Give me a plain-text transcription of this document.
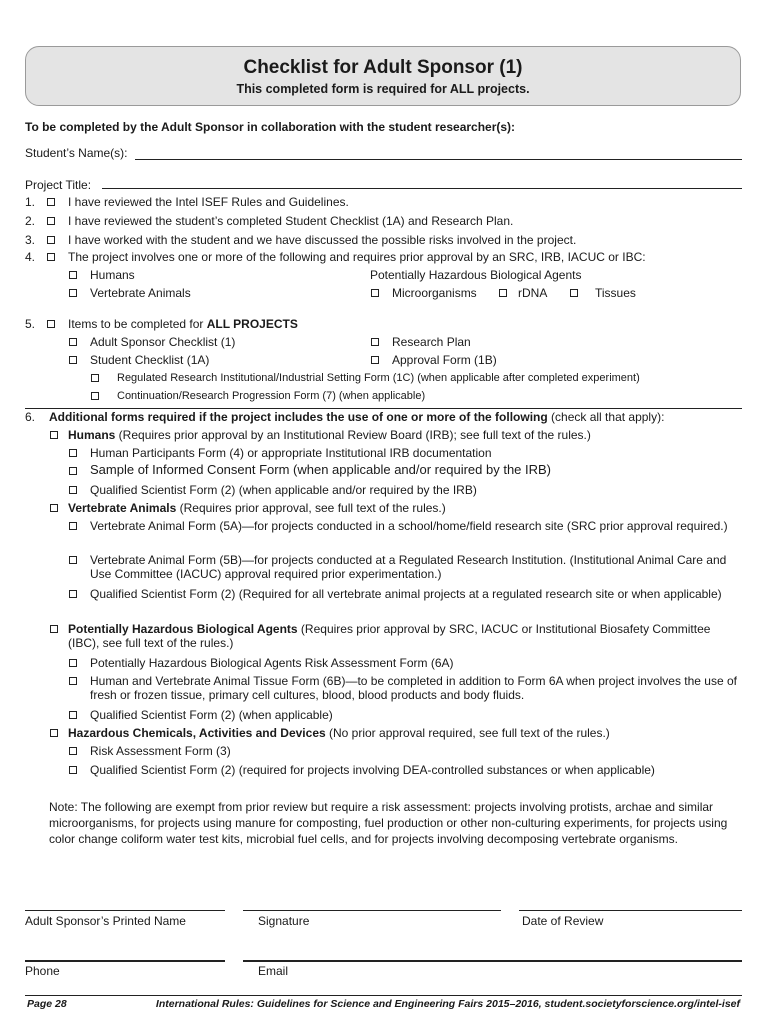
Checklist for Adult Sponsor (1)
This completed form is required for ALL projects.
To be completed by the Adult Sponsor in collaboration with the student researcher(s):
Student’s Name(s):
Project Title:
1.	I have reviewed the Intel ISEF Rules and Guidelines.
2.	I have reviewed the student’s completed Student Checklist (1A) and Research Plan.
3.	I have worked with the student and we have discussed the possible risks involved in the project.
4.	The project involves one or more of the following and requires prior approval by an SRC, IRB, IACUC or IBC:
Humans	Potentially Hazardous Biological Agents
Vertebrate Animals	Microorganisms	rDNA	Tissues
5.	Items to be completed for ALL PROJECTS
Adult Sponsor Checklist (1)	Research Plan
Student Checklist (1A)	Approval Form (1B)
Regulated Research Institutional/Industrial Setting Form (1C) (when applicable after completed experiment)
Continuation/Research Progression Form (7) (when applicable)
6. Additional forms required if the project includes the use of one or more of the following (check all that apply):
Humans (Requires prior approval by an Institutional Review Board (IRB); see full text of the rules.)
Human Participants Form (4) or appropriate Institutional IRB documentation
Sample of Informed Consent Form (when applicable and/or required by the IRB)
Qualified Scientist Form (2) (when applicable and/or required by the IRB)
Vertebrate Animals (Requires prior approval, see full text of the rules.)
Vertebrate Animal Form (5A)—for projects conducted in a school/home/field research site (SRC prior approval required.)
Vertebrate Animal Form (5B)—for projects conducted at a Regulated Research Institution. (Institutional Animal Care and Use Committee (IACUC) approval required prior experimentation.)
Qualified Scientist Form (2) (Required for all vertebrate animal projects at a regulated research site or when applicable)
Potentially Hazardous Biological Agents (Requires prior approval by SRC, IACUC or Institutional Biosafety Committee (IBC), see full text of the rules.)
Potentially Hazardous Biological Agents Risk Assessment Form (6A)
Human and Vertebrate Animal Tissue Form (6B)—to be completed in addition to Form 6A when project involves the use of fresh or frozen tissue, primary cell cultures, blood, blood products and body fluids.
Qualified Scientist Form (2) (when applicable)
Hazardous Chemicals, Activities and Devices (No prior approval required, see full text of the rules.)
Risk Assessment Form (3)
Qualified Scientist Form (2) (required for projects involving DEA-controlled substances or when applicable)
Note: The following are exempt from prior review but require a risk assessment: projects involving protists, archae and similar microorganisms, for projects using manure for composting, fuel production or other non-culturing experiments, for projects using color change coliform water test kits, microbial fuel cells, and for projects involving decomposing vertebrate organisms.
Adult Sponsor’s Printed Name	Signature	Date of Review
Phone	Email
Page 28	International Rules: Guidelines for Science and Engineering Fairs 2015–2016, student.societyforscience.org/intel-isef
